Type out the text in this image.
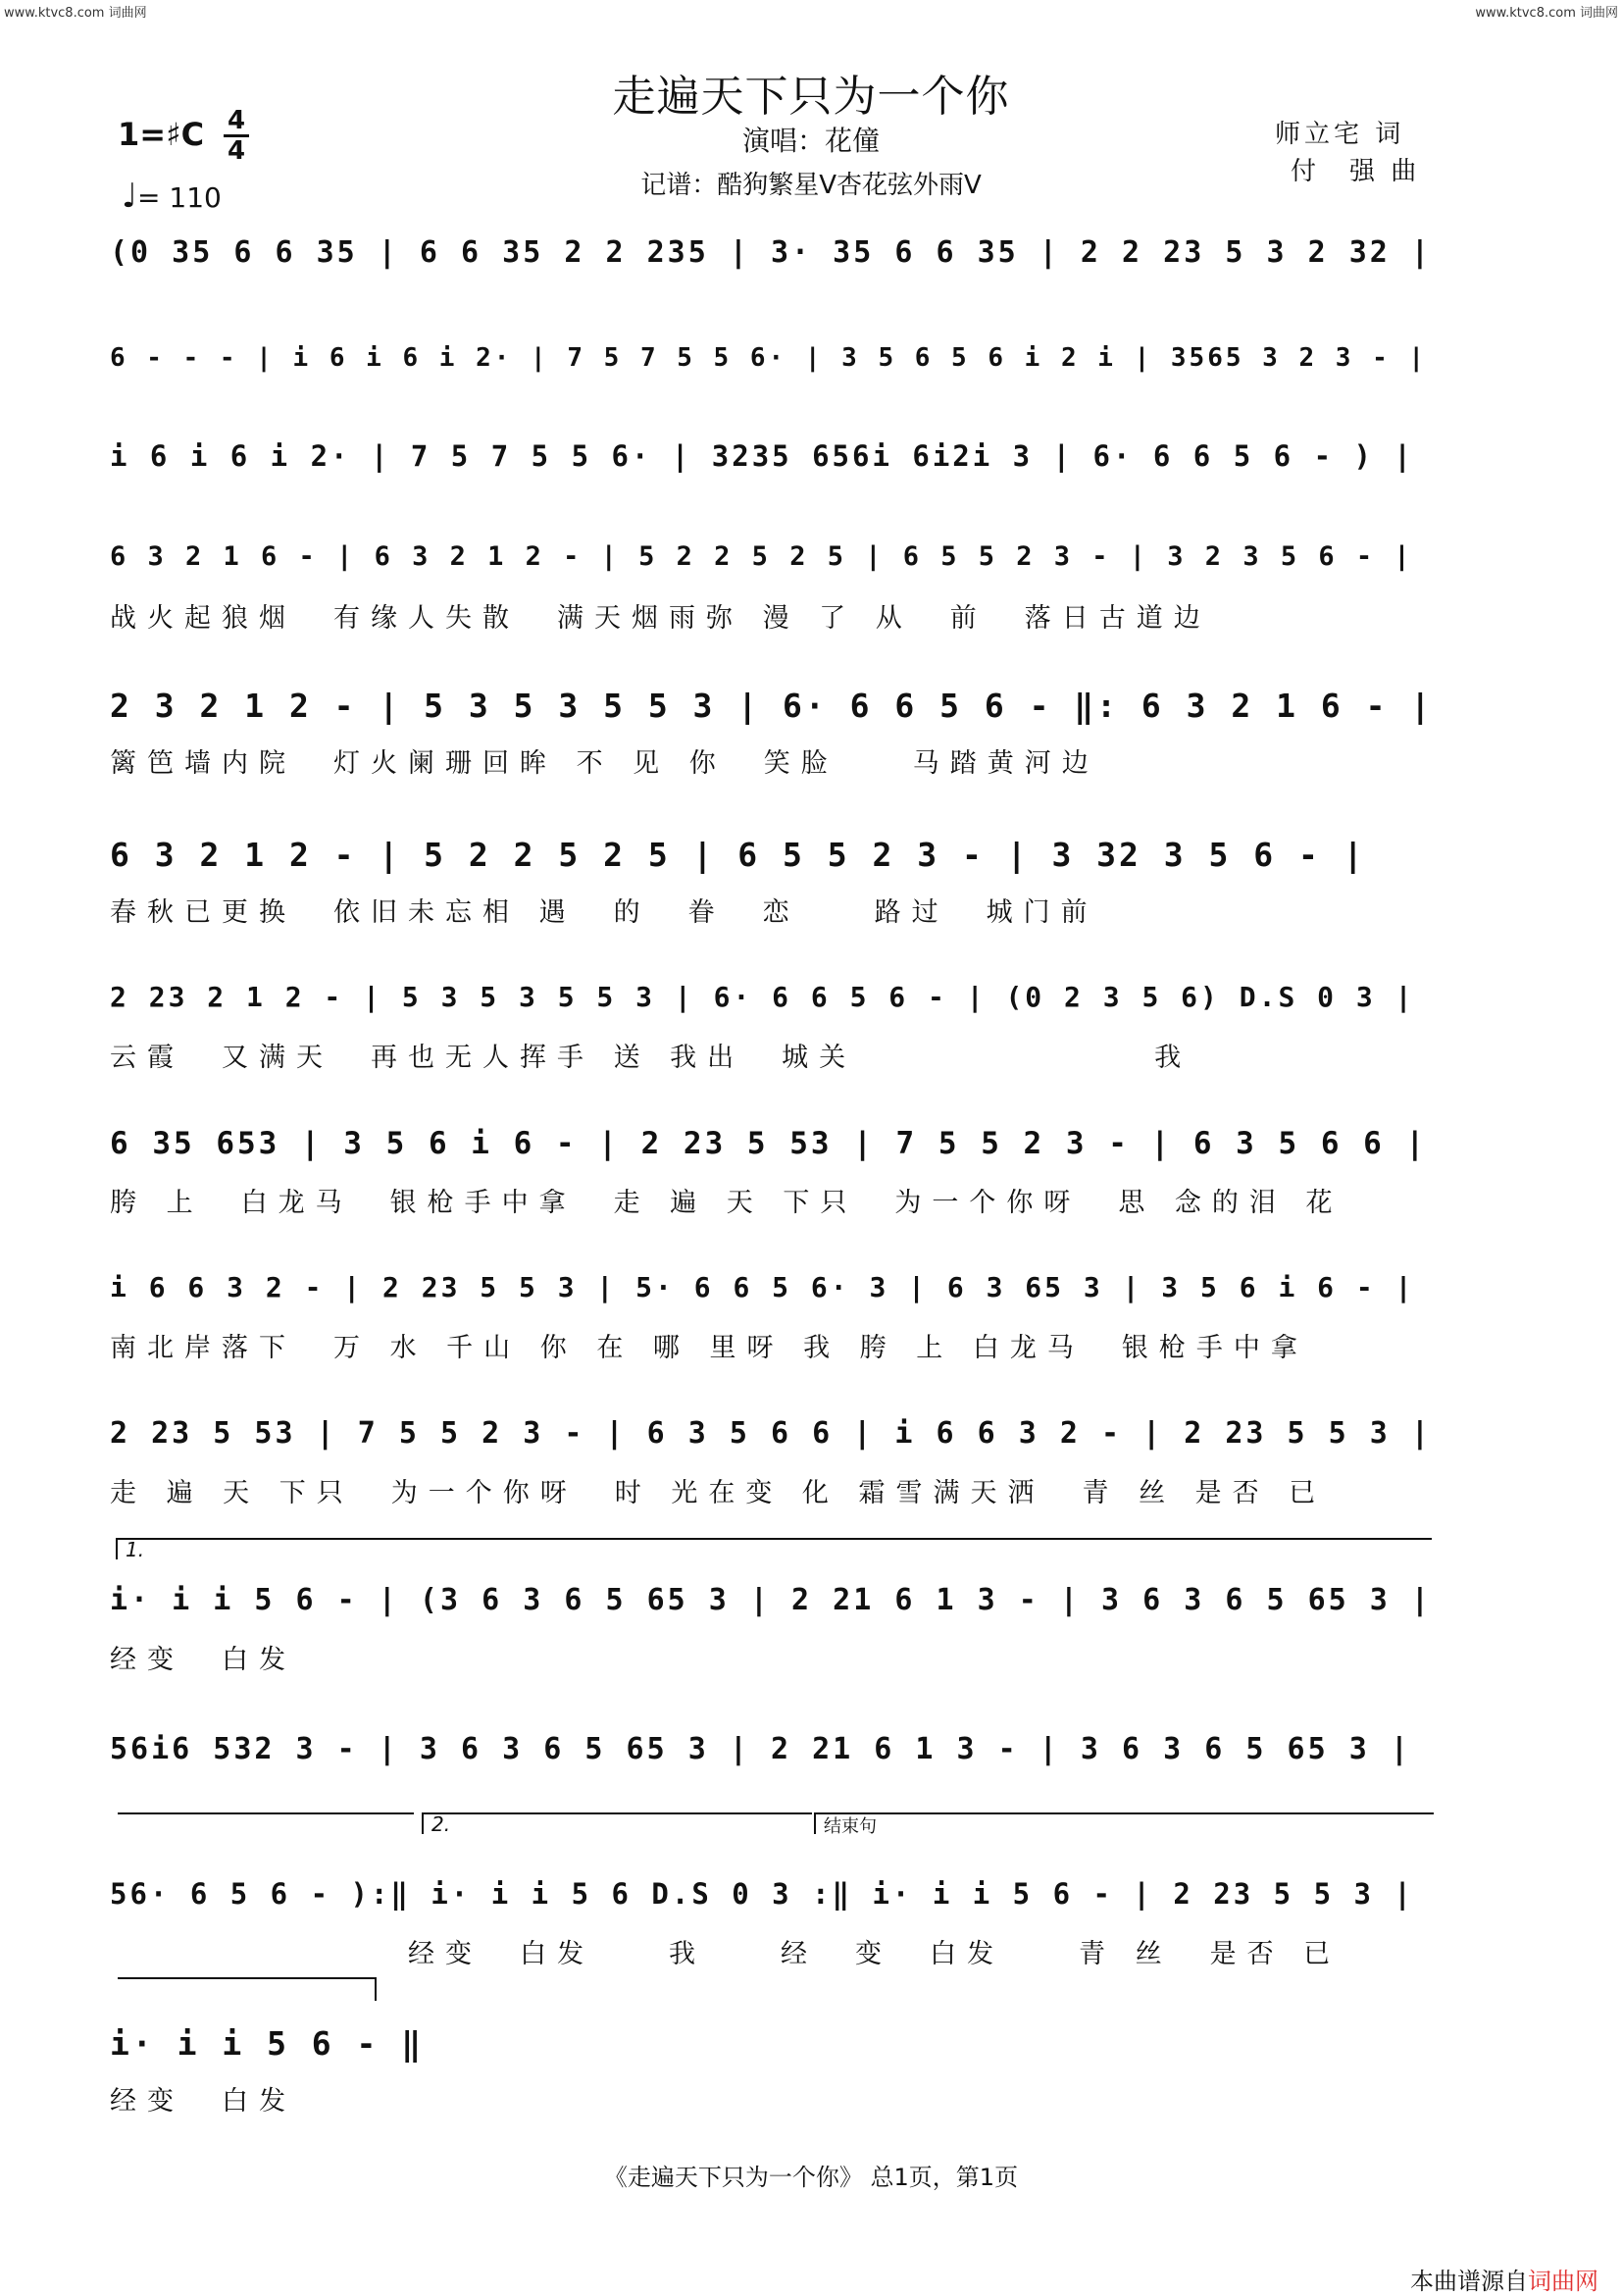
www.ktvc8.com 词曲网	www.ktvc8.com 词曲网
走遍天下只为一个你
演唱：花僮
记谱：酷狗繁星V杏花弦外雨V
师立宅 词
付　强 曲
1=♯C 4
4
♩= 110
(0 35 6 6 35 | 6 6 35 2 2 235 | 3· 35 6 6 35 | 2 2 23 5 3 2 32 |
6 - - - | i 6 i 6 i 2· | 7 5 7 5 5 6· | 3 5 6 5 6 i 2 i | 3565 3 2 3 - |
i 6 i 6 i 2· | 7 5 7 5 5 6· | 3235 656i 6i2i 3 | 6· 6 6 5 6 - ) |
6 3 2 1 6 - | 6 3 2 1 2 - | 5 2 2 5 2 5 | 6 5 5 2 3 - | 3 2 3 5 6 - |
战火起狼烟　有缘人失散　满天烟雨弥 漫 了 从　前　落日古道边
2 3 2 1 2 - | 5 3 5 3 5 5 3 | 6· 6 6 5 6 - ‖: 6 3 2 1 6 - |
篱笆墙内院　灯火阑珊回眸 不 见 你　笑脸　　马踏黄河边
6 3 2 1 2 - | 5 2 2 5 2 5 | 6 5 5 2 3 - | 3 32 3 5 6 - |
春秋已更换　依旧未忘相 遇　的　眷　恋　　路过　城门前
2 23 2 1 2 - | 5 3 5 3 5 5 3 | 6· 6 6 5 6 - | (0 2 3 5 6) D.S 0 3 |
云霞　又满天　再也无人挥手 送 我出　城关　　　　　　　　我
6 35 653 | 3 5 6 i 6 - | 2 23 5 53 | 7 5 5 2 3 - | 6 3 5 6 6 |
胯 上　白龙马　银枪手中拿　走 遍 天 下只　为一个你呀　思 念的泪 花
i 6 6 3 2 - | 2 23 5 5 3 | 5· 6 6 5 6· 3 | 6 3 65 3 | 3 5 6 i 6 - |
南北岸落下　万 水 千山 你 在 哪 里呀 我 胯 上 白龙马　银枪手中拿
2 23 5 53 | 7 5 5 2 3 - | 6 3 5 6 6 | i 6 6 3 2 - | 2 23 5 5 3 |
走 遍 天 下只　为一个你呀　时 光在变 化 霜雪满天洒　青 丝 是否 已
i· i i 5 6 - | (3 6 3 6 5 65 3 | 2 21 6 1 3 - | 3 6 3 6 5 65 3 |
经变　白发
56i6 532 3 - | 3 6 3 6 5 65 3 | 2 21 6 1 3 - | 3 6 3 6 5 65 3 |
56· 6 5 6 - ):‖ i· i i 5 6 D.S 0 3 :‖ i· i i 5 6 - | 2 23 5 5 3 |
　　　　　　　　经变　白发　　我　　经　变　白发　　青 丝　是否 已
i· i i 5 6 - ‖
经变　白发
1.
2.	结束句
《走遍天下只为一个你》 总1页，第1页
本曲谱源自词曲网
